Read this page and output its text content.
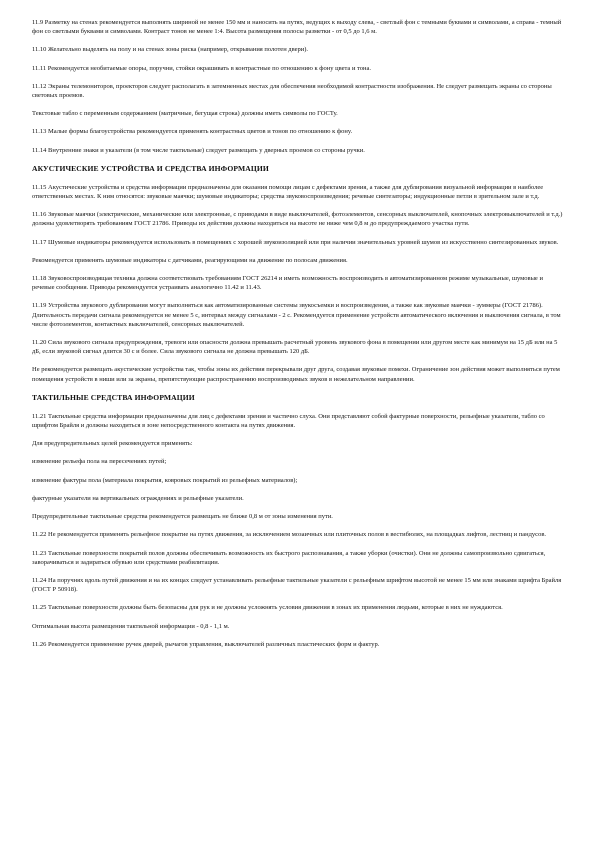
11.9 Разметку на стенах рекомендуется выполнять шириной не менее 150 мм и наносить на путях, ведущих к выходу слева, - светлый фон с темными буквами и символами, а справа - темный фон со светлыми буквами и символами. Контраст тонов не менее 1:4. Высота размещения полосы разметки - от 0,5 до 1,6 м.

11.10 Желательно выделять на полу и на стенах зоны риска (например, открывания полотен двери).

11.11 Рекомендуется необитаемые опоры, поручни, стойки окрашивать в контрастные по отношению к фону цвета и тона.

11.12 Экраны телемониторов, проекторов следует располагать в затемненных местах для обеспечения необходимой контрастности изображения. Не следует размещать экраны со стороны световых проемов.

Текстовые табло с переменным содержанием (матричные, бегущая строка) должны иметь символы по ГОСТу.

11.13 Малые формы благоустройства рекомендуется применять контрастных цветов и тонов по отношению к фону.

11.14 Внутренние знаки и указатели (в том числе тактильные) следует размещать у дверных проемов со стороны ручки.

АКУСТИЧЕСКИЕ УСТРОЙСТВА И СРЕДСТВА ИНФОРМАЦИИ

11.15 Акустические устройства и средства информации предназначены для оказания помощи лицам с дефектами зрения, а также для дублирования визуальной информации в наиболее ответственных местах. К ним относятся: звуковые маячки; шумовые индикаторы; средства звуковоспроизведения; речевые синтезаторы; индукционные петли в зрительном зале и т.д.

11.16 Звуковые маячки (электрические, механические или электронные, с приводами в виде выключателей, фотоэлементов, сенсорных выключателей, кнопочных электровыключателей и т.д.) должны удовлетворять требованиям ГОСТ 21786. Приводы их действия должны находиться на высоте не ниже чем 0,8 м до предупреждаемого участка пути.

11.17 Шумовые индикаторы рекомендуется использовать в помещениях с хорошей звукоизоляцией или при наличии значительных уровней шумов из искусственно синтезированных звуков.

Рекомендуется применять шумовые индикаторы с датчиками, реагирующими на движение по полосам движения.

11.18 Звуковоспроизводящая техника должна соответствовать требованиям ГОСТ 26214 и иметь возможность воспроизводить в автоматизированном режиме музыкальные, шумовые и речевые сообщения. Приводы рекомендуется устраивать аналогично 11.42 и 11.43.

11.19 Устройства звукового дублирования могут выполняться как автоматизированные системы звукосъемки и воспроизведения, а также как звуковые маячки - зуммеры (ГОСТ 21786). Длительность передачи сигнала рекомендуется не менее 5 с, интервал между сигналами - 2 с. Рекомендуется применение устройств автоматического включения и выключения сигнала, в том числе фотоэлементов, контактных выключателей, сенсорных выключателей.

11.20 Сила звукового сигнала предупреждения, тревоги или опасности должна превышать расчетный уровень звукового фона в помещении или другом месте как минимум на 15 дБ или на 5 дБ, если звуковой сигнал длится 30 с и более. Сила звукового сигнала не должна превышать 120 дБ.

Не рекомендуется размещать акустические устройства так, чтобы зоны их действия перекрывали друг друга, создавая звуковые помехи. Ограничение зон действия может выполняться путем помещения устройств в ниши или за экраны, препятствующие распространению воспроизводимых звуков в нежелательном направлении.

ТАКТИЛЬНЫЕ СРЕДСТВА ИНФОРМАЦИИ

11.21 Тактильные средства информации предназначены для лиц с дефектами зрения и частично слуха. Они представляют собой фактурные поверхности, рельефные указатели, табло со шрифтом Брайля и должны находиться в зоне непосредственного контакта на путях движения.

Для предупредительных целей рекомендуется применять:

изменение рельефа пола на пересечениях путей;

изменение фактуры пола (материала покрытия, ковровых покрытий из рельефных материалов);

фактурные указатели на вертикальных ограждениях и рельефные указатели.

Предупредительные тактильные средства рекомендуется размещать не ближе 0,8 м от зоны изменения пути.

11.22 Не рекомендуется применять рельефное покрытие на путях движения, за исключением мозаичных или плиточных полов в вестибюлях, на площадках лифтов, лестниц и пандусов.

11.23 Тактильные поверхности покрытий полов должны обеспечивать возможность их быстрого распознавания, а также уборки (очистки). Они не должны самопроизвольно сдвигаться, заворачиваться и задираться обувью или средствами реабилитации.

11.24 На поручнях вдоль путей движения и на их концах следует устанавливать рельефные тактильные указатели с рельефным шрифтом высотой не менее 15 мм или знаками шрифта Брайля (ГОСТ Р 50918).

11.25 Тактильные поверхности должны быть безопасны для рук и не должны усложнять условия движения в зонах их применения людьми, которые в них не нуждаются.

Оптимальная высота размещения тактильной информации - 0,8 - 1,1 м.

11.26 Рекомендуется применение ручек дверей, рычагов управления, выключателей различных пластических форм и фактур.
